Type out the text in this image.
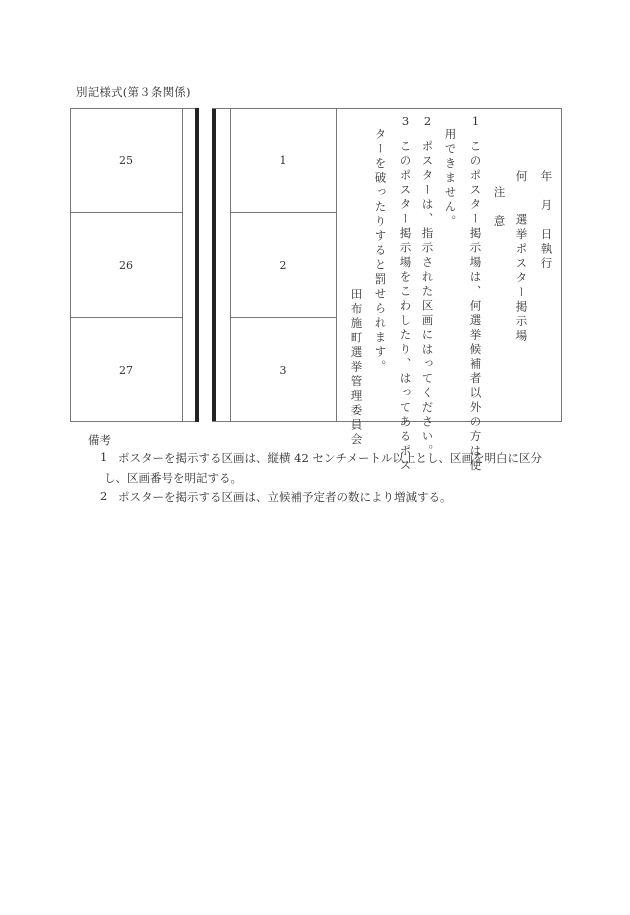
別記様式(第３条関係)
25
26
27
1
2
3
年　月　日執行
何　　選挙ポスター掲示場
注　意
1
このポスター掲示場は、何選挙候補者以外の方は使
用できません。
2
ポスターは、指示された区画にはってください。
3
このポスター掲示場をこわしたり、はってあるポス
ターを破ったりすると罰せられます。
田布施町選挙管理委員会
備考
1 ポスターを掲示する区画は、縦横 42 センチメートル以上とし、区画を明白に区分
し、区画番号を明記する。
2 ポスターを掲示する区画は、立候補予定者の数により増減する。
